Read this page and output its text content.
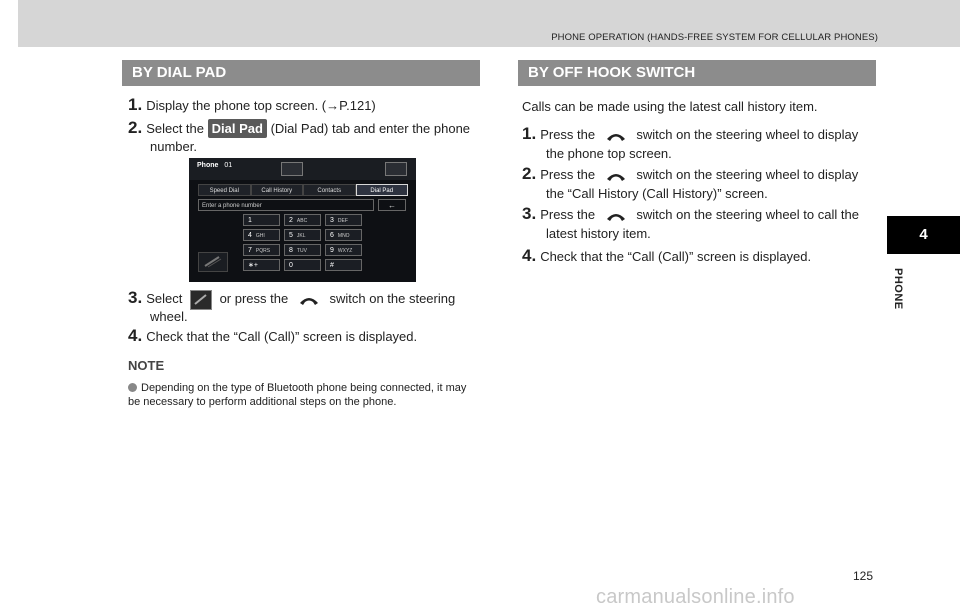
PHONE OPERATION (HANDS-FREE SYSTEM FOR CELLULAR PHONES)
BY DIAL PAD
1. Display the phone top screen. (→P.121)
2. Select the Dial Pad (Dial Pad) tab and enter the phone
number.
Phone 01
Speed Dial	Call History	Contacts	Dial Pad
Enter a phone number	←
1	2 ABC	3 DEF
4 GHI	5 JKL	6 MNO
7 PQRS	8 TUV	9 WXYZ
∗+	0	#
3. Select	or press the	switch on the steering
wheel.
4. Check that the “Call (Call)” screen is displayed.
NOTE
Depending on the type of Bluetooth phone being connected, it may be necessary to perform additional steps on the phone.
BY OFF HOOK SWITCH
Calls can be made using the latest call history item.
1. Press the	switch on the steering wheel to display
the phone top screen.
2. Press the	switch on the steering wheel to display
the “Call History (Call History)” screen.
3. Press the	switch on the steering wheel to call the
latest history item.
4. Check that the “Call (Call)” screen is displayed.
4
PHONE
125
carmanualsonline.info
